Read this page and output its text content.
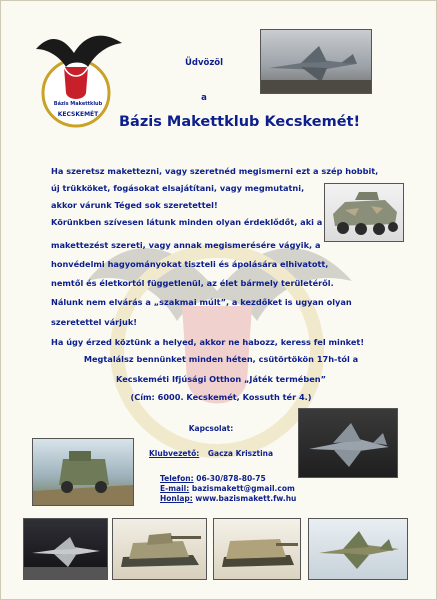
Bázis Makettklub
KECSKEMÉT
Üdvözöl
a
Bázis Makettklub Kecskemét!
Ha szeretsz makettezni, vagy szeretnéd megismerni ezt a szép hobbit,
új trükköket, fogásokat elsajátítani, vagy megmutatni,
akkor várunk Téged sok szeretettel!
Körünkben szívesen látunk minden olyan érdeklődőt, aki a
makettezést szereti, vagy annak megismerésére vágyik, a
honvédelmi hagyományokat tiszteli és ápolására elhivatott,
nemtől és életkortól függetlenül, az élet bármely területéről.
Nálunk nem elvárás a „szakmai múlt”, a kezdőket is ugyan olyan
szeretettel várjuk!
Ha úgy érzed köztünk a helyed, akkor ne habozz, keress fel minket!
Megtalálsz bennünket minden héten, csütörtökön 17h-tól a
Kecskeméti Ifjúsági Otthon „Játék termében”
(Cím: 6000. Kecskemét, Kossuth tér 4.)
Kapcsolat:
Klubvezető: Gacza Krisztina
Telefon: 06-30/878-80-75
E-mail: bazismakett@gmail.com
Honlap: www.bazismakett.fw.hu
